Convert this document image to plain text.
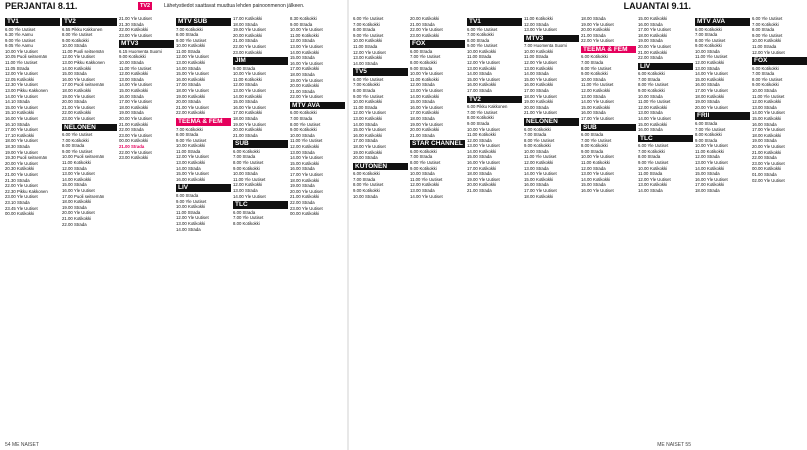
PERJANTAI 8.11.	TV2	Lähetystiedot saattavat muuttua lehden painoonmenon jälkeen.	LAUANTAI 9.11.
TV1
6.00 Yle Uutiset
6.30 Yle Aamu
9.00 Yle Uutiset
9.05 Yle Aamu
10.00 Yle Uutiset
10.05 Puoli seitsemän
11.00 Yle Uutiset
11.05 Strada
12.00 Yle Uutiset
12.05 Kotikokki
12.30 Yle Uutiset
13.00 Pikku Kakkonen
14.00 Yle Uutiset
14.10 Strada
15.00 Yle Uutiset
15.10 Kotikokki
16.00 Yle Uutiset
16.10 Strada
17.00 Yle Uutiset
17.10 Kotikokki
18.00 Yle Uutiset
18.30 Strada
19.00 Yle Uutiset
19.30 Puoli seitsemän
20.00 Yle Uutiset
20.30 Kotikokki
21.00 Yle Uutiset
21.30 Strada
22.00 Yle Uutiset
22.30 Pikku Kakkonen
23.00 Yle Uutiset
23.10 Strada
23.45 Yle Uutiset
00.00 Kotikokki
TV2
6.55 Pikku Kakkonen
8.00 Yle Uutiset
9.00 Kotikokki
10.00 Strada
11.00 Puoli seitsemän
12.00 Yle Uutiset
13.00 Pikku Kakkonen
14.00 Kotikokki
15.00 Strada
16.00 Yle Uutiset
17.00 Puoli seitsemän
18.00 Kotikokki
19.00 Yle Uutiset
20.00 Strada
21.00 Yle Uutiset
22.00 Kotikokki
23.00 Yle Uutiset
NELONEN
6.00 Yle Uutiset
7.00 Kotikokki
8.00 Strada
9.00 Yle Uutiset
10.00 Puoli seitsemän
11.00 Kotikokki
12.00 Strada
13.00 Yle Uutiset
14.00 Kotikokki
15.00 Strada
16.00 Yle Uutiset
17.00 Puoli seitsemän
18.00 Kotikokki
19.00 Strada
20.00 Yle Uutiset
21.00 Kotikokki
22.00 Strada
21.00 Yle Uutiset
21.30 Strada
22.00 Kotikokki
23.00 Yle Uutiset
MTV3
6.15 Huomenta Suomi
9.00 Kotikokki
10.00 Strada
11.00 Yle Uutiset
12.00 Kotikokki
13.00 Strada
14.00 Yle Uutiset
15.00 Kotikokki
16.00 Strada
17.00 Yle Uutiset
18.00 Kotikokki
19.00 Strada
20.00 Yle Uutiset
21.00 Kotikokki
22.00 Strada
23.00 Yle Uutiset
00.00 Kotikokki
21.00 Strada
22.00 Yle Uutiset
23.00 Kotikokki
MTV SUB
7.00 Kotikokki
8.00 Strada
9.00 Yle Uutiset
10.00 Kotikokki
11.00 Strada
12.00 Yle Uutiset
13.00 Kotikokki
14.00 Strada
15.00 Yle Uutiset
16.00 Kotikokki
17.00 Strada
18.00 Yle Uutiset
19.00 Kotikokki
20.00 Strada
21.00 Yle Uutiset
22.00 Kotikokki
TEEMA & FEM
7.00 Kotikokki
8.00 Strada
9.00 Yle Uutiset
10.00 Kotikokki
11.00 Strada
12.00 Yle Uutiset
13.00 Kotikokki
14.00 Strada
15.00 Yle Uutiset
16.00 Kotikokki
LIV
8.00 Strada
9.00 Yle Uutiset
10.00 Kotikokki
11.00 Strada
12.00 Yle Uutiset
13.00 Kotikokki
14.00 Strada
17.00 Kotikokki
18.00 Strada
19.00 Yle Uutiset
20.00 Kotikokki
21.00 Strada
22.00 Yle Uutiset
23.00 Kotikokki
JIM
9.00 Strada
10.00 Yle Uutiset
11.00 Kotikokki
12.00 Strada
13.00 Yle Uutiset
14.00 Kotikokki
15.00 Strada
16.00 Yle Uutiset
17.00 Kotikokki
18.00 Strada
19.00 Yle Uutiset
20.00 Kotikokki
21.00 Strada
SUB
6.00 Kotikokki
7.00 Strada
8.00 Yle Uutiset
9.00 Kotikokki
10.00 Strada
11.00 Yle Uutiset
12.00 Kotikokki
13.00 Strada
14.00 Yle Uutiset
TLC
6.00 Strada
7.00 Yle Uutiset
8.00 Kotikokki
8.30 Kotikokki
9.00 Strada
10.00 Yle Uutiset
11.00 Kotikokki
12.00 Strada
13.00 Yle Uutiset
14.00 Kotikokki
15.00 Strada
16.00 Yle Uutiset
17.00 Kotikokki
18.00 Strada
19.00 Yle Uutiset
20.00 Kotikokki
21.00 Strada
22.00 Yle Uutiset
MTV AVA
6.00 Kotikokki
7.00 Strada
8.00 Yle Uutiset
9.00 Kotikokki
10.00 Strada
11.00 Yle Uutiset
12.00 Kotikokki
13.00 Strada
14.00 Yle Uutiset
15.00 Kotikokki
16.00 Strada
17.00 Yle Uutiset
18.00 Kotikokki
19.00 Strada
20.00 Yle Uutiset
21.00 Kotikokki
22.00 Strada
23.00 Yle Uutiset
00.00 Kotikokki
6.00 Yle Uutiset
7.00 Kotikokki
8.00 Strada
9.00 Yle Uutiset
10.00 Kotikokki
11.00 Strada
12.00 Yle Uutiset
13.00 Kotikokki
14.00 Strada
TV5
6.00 Yle Uutiset
7.00 Kotikokki
8.00 Strada
9.00 Yle Uutiset
10.00 Kotikokki
11.00 Strada
12.00 Yle Uutiset
13.00 Kotikokki
14.00 Strada
15.00 Yle Uutiset
16.00 Kotikokki
17.00 Strada
18.00 Yle Uutiset
19.00 Kotikokki
20.00 Strada
KUTONEN
6.00 Kotikokki
7.00 Strada
8.00 Yle Uutiset
9.00 Kotikokki
10.00 Strada
20.00 Kotikokki
21.00 Strada
22.00 Yle Uutiset
23.00 Kotikokki
FOX
6.00 Strada
7.00 Yle Uutiset
8.00 Kotikokki
9.00 Strada
10.00 Yle Uutiset
11.00 Kotikokki
12.00 Strada
13.00 Yle Uutiset
14.00 Kotikokki
15.00 Strada
16.00 Yle Uutiset
17.00 Kotikokki
18.00 Strada
19.00 Yle Uutiset
20.00 Kotikokki
21.00 Strada
STAR CHANNEL
6.00 Kotikokki
7.00 Strada
8.00 Yle Uutiset
9.00 Kotikokki
10.00 Strada
11.00 Yle Uutiset
12.00 Kotikokki
13.00 Strada
14.00 Yle Uutiset
TV1
6.00 Yle Uutiset
7.00 Kotikokki
8.00 Strada
9.00 Yle Uutiset
10.00 Kotikokki
11.00 Strada
12.00 Yle Uutiset
13.00 Kotikokki
14.00 Strada
15.00 Yle Uutiset
16.00 Kotikokki
17.00 Strada
TV2
6.00 Pikku Kakkonen
7.00 Yle Uutiset
8.00 Kotikokki
9.00 Strada
10.00 Yle Uutiset
11.00 Kotikokki
12.00 Strada
13.00 Yle Uutiset
14.00 Kotikokki
15.00 Strada
16.00 Yle Uutiset
17.00 Kotikokki
18.00 Strada
19.00 Yle Uutiset
20.00 Kotikokki
21.00 Strada
11.00 Kotikokki
12.00 Strada
13.00 Yle Uutiset
MTV3
7.00 Huomenta Suomi
10.00 Kotikokki
11.00 Strada
12.00 Yle Uutiset
13.00 Kotikokki
14.00 Strada
15.00 Yle Uutiset
16.00 Kotikokki
17.00 Strada
18.00 Yle Uutiset
19.00 Kotikokki
20.00 Strada
21.00 Yle Uutiset
NELONEN
6.00 Kotikokki
7.00 Strada
8.00 Yle Uutiset
9.00 Kotikokki
10.00 Strada
11.00 Yle Uutiset
12.00 Kotikokki
13.00 Strada
14.00 Yle Uutiset
15.00 Kotikokki
16.00 Strada
17.00 Yle Uutiset
18.00 Kotikokki
18.00 Strada
19.00 Yle Uutiset
20.00 Kotikokki
21.00 Strada
22.00 Yle Uutiset
TEEMA & FEM
6.00 Kotikokki
7.00 Strada
8.00 Yle Uutiset
9.00 Kotikokki
10.00 Strada
11.00 Yle Uutiset
12.00 Kotikokki
13.00 Strada
14.00 Yle Uutiset
15.00 Kotikokki
16.00 Strada
17.00 Yle Uutiset
SUB
6.00 Strada
7.00 Yle Uutiset
8.00 Kotikokki
9.00 Strada
10.00 Yle Uutiset
11.00 Kotikokki
12.00 Strada
13.00 Yle Uutiset
14.00 Kotikokki
15.00 Strada
16.00 Yle Uutiset
15.00 Kotikokki
16.00 Strada
17.00 Yle Uutiset
18.00 Kotikokki
19.00 Strada
20.00 Yle Uutiset
21.00 Kotikokki
22.00 Strada
LIV
6.00 Kotikokki
7.00 Strada
8.00 Yle Uutiset
9.00 Kotikokki
10.00 Strada
11.00 Yle Uutiset
12.00 Kotikokki
13.00 Strada
14.00 Yle Uutiset
15.00 Kotikokki
16.00 Strada
TLC
6.00 Yle Uutiset
7.00 Kotikokki
8.00 Strada
9.00 Yle Uutiset
10.00 Kotikokki
11.00 Strada
12.00 Yle Uutiset
13.00 Kotikokki
14.00 Strada
MTV AVA
6.00 Kotikokki
7.00 Strada
8.00 Yle Uutiset
9.00 Kotikokki
10.00 Strada
11.00 Yle Uutiset
12.00 Kotikokki
13.00 Strada
14.00 Yle Uutiset
15.00 Kotikokki
16.00 Strada
17.00 Yle Uutiset
18.00 Kotikokki
19.00 Strada
20.00 Yle Uutiset
FRII
6.00 Strada
7.00 Yle Uutiset
8.00 Kotikokki
9.00 Strada
10.00 Yle Uutiset
11.00 Kotikokki
12.00 Strada
13.00 Yle Uutiset
14.00 Kotikokki
15.00 Strada
16.00 Yle Uutiset
17.00 Kotikokki
18.00 Strada
6.00 Yle Uutiset
7.00 Kotikokki
8.00 Strada
9.00 Yle Uutiset
10.00 Kotikokki
11.00 Strada
12.00 Yle Uutiset
FOX
6.00 Kotikokki
7.00 Strada
8.00 Yle Uutiset
9.00 Kotikokki
10.00 Strada
11.00 Yle Uutiset
12.00 Kotikokki
13.00 Strada
14.00 Yle Uutiset
15.00 Kotikokki
16.00 Strada
17.00 Yle Uutiset
18.00 Kotikokki
19.00 Strada
20.00 Yle Uutiset
21.00 Kotikokki
22.00 Strada
23.00 Yle Uutiset
00.00 Kotikokki
01.00 Strada
02.00 Yle Uutiset
54 ME NAISET	ME NAISET 55
